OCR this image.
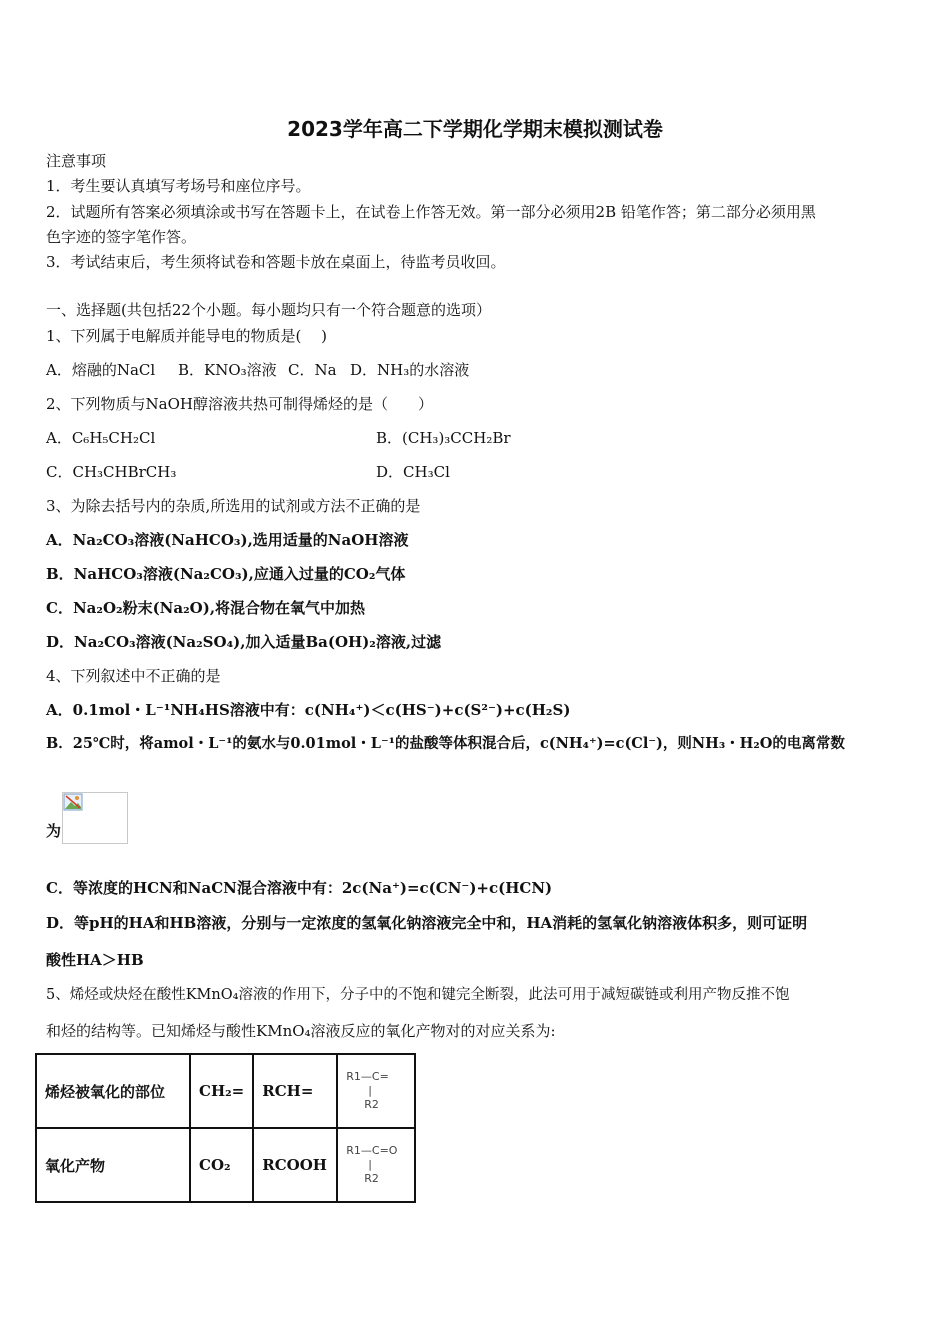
2023学年高二下学期化学期末模拟测试卷
注意事项
1．考生要认真填写考场号和座位序号。
2．试题所有答案必须填涂或书写在答题卡上，在试卷上作答无效。第一部分必须用2B 铅笔作答；第二部分必须用黑
色字迹的签字笔作答。
3．考试结束后，考生须将试卷和答题卡放在桌面上，待监考员收回。
一、选择题(共包括22个小题。每小题均只有一个符合题意的选项）
1、下列属于电解质并能导电的物质是(　 )
A．熔融的NaCl B．KNO₃溶液 C．Na D．NH₃的水溶液
2、下列物质与NaOH醇溶液共热可制得烯烃的是（　　）
A．C₆H₅CH₂Cl	B．(CH₃)₃CCH₂Br
C．CH₃CHBrCH₃	D．CH₃Cl
3、为除去括号内的杂质,所选用的试剂或方法不正确的是
A．Na₂CO₃溶液(NaHCO₃),选用适量的NaOH溶液
B．NaHCO₃溶液(Na₂CO₃),应通入过量的CO₂气体
C．Na₂O₂粉末(Na₂O),将混合物在氧气中加热
D．Na₂CO₃溶液(Na₂SO₄),加入适量Ba(OH)₂溶液,过滤
4、下列叙述中不正确的是
A．0.1mol・L⁻¹NH₄HS溶液中有：c(NH₄⁺)＜c(HS⁻)+c(S²⁻)+c(H₂S)
B．25℃时，将amol・L⁻¹的氨水与0.01mol・L⁻¹的盐酸等体积混合后，c(NH₄⁺)=c(Cl⁻)，则NH₃・H₂O的电离常数
为
C．等浓度的HCN和NaCN混合溶液中有：2c(Na⁺)=c(CN⁻)+c(HCN)
D．等pH的HA和HB溶液，分别与一定浓度的氢氧化钠溶液完全中和，HA消耗的氢氧化钠溶液体积多，则可证明
酸性HA＞HB
5、烯烃或炔烃在酸性KMnO₄溶液的作用下，分子中的不饱和键完全断裂，此法可用于减短碳链或利用产物反推不饱
和烃的结构等。已知烯烃与酸性KMnO₄溶液反应的氧化产物对的对应关系为:
烯烃被氧化的部位	CH₂=	RCH=	R1—C=
|
R2

氧化产物	CO₂	RCOOH	R1—C=O
|
R2
